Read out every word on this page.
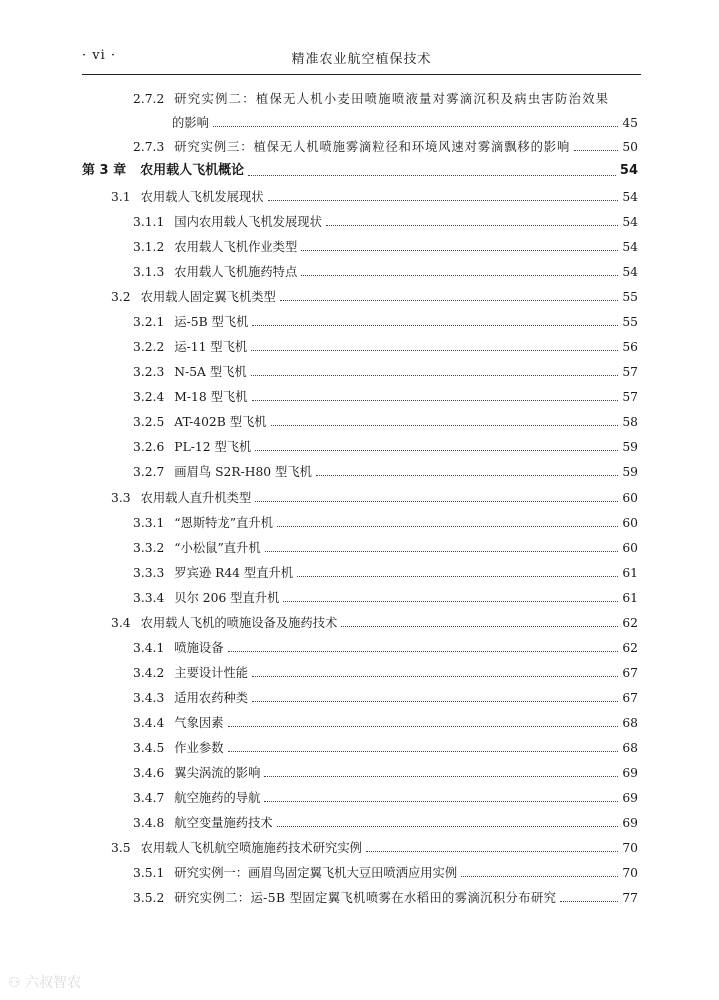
· vi ·	精准农业航空植保技术
2.7.2 研究实例二：植保无人机小麦田喷施喷液量对雾滴沉积及病虫害防治效果
的影响	45
2.7.3 研究实例三：植保无人机喷施雾滴粒径和环境风速对雾滴飘移的影响	50
第 3 章 农用载人飞机概论	54
3.1 农用载人飞机发展现状	54
3.1.1 国内农用载人飞机发展现状	54
3.1.2 农用载人飞机作业类型	54
3.1.3 农用载人飞机施药特点	54
3.2 农用载人固定翼飞机类型	55
3.2.1 运-5B 型飞机	55
3.2.2 运-11 型飞机	56
3.2.3 N-5A 型飞机	57
3.2.4 M-18 型飞机	57
3.2.5 AT-402B 型飞机	58
3.2.6 PL-12 型飞机	59
3.2.7 画眉鸟 S2R-H80 型飞机	59
3.3 农用载人直升机类型	60
3.3.1 “恩斯特龙”直升机	60
3.3.2 “小松鼠”直升机	60
3.3.3 罗宾逊 R44 型直升机	61
3.3.4 贝尔 206 型直升机	61
3.4 农用载人飞机的喷施设备及施药技术	62
3.4.1 喷施设备	62
3.4.2 主要设计性能	67
3.4.3 适用农药种类	67
3.4.4 气象因素	68
3.4.5 作业参数	68
3.4.6 翼尖涡流的影响	69
3.4.7 航空施药的导航	69
3.4.8 航空变量施药技术	69
3.5 农用载人飞机航空喷施施药技术研究实例	70
3.5.1 研究实例一：画眉鸟固定翼飞机大豆田喷洒应用实例	70
3.5.2 研究实例二：运-5B 型固定翼飞机喷雾在水稻田的雾滴沉积分布研究	77
⚇ 六叔智农
